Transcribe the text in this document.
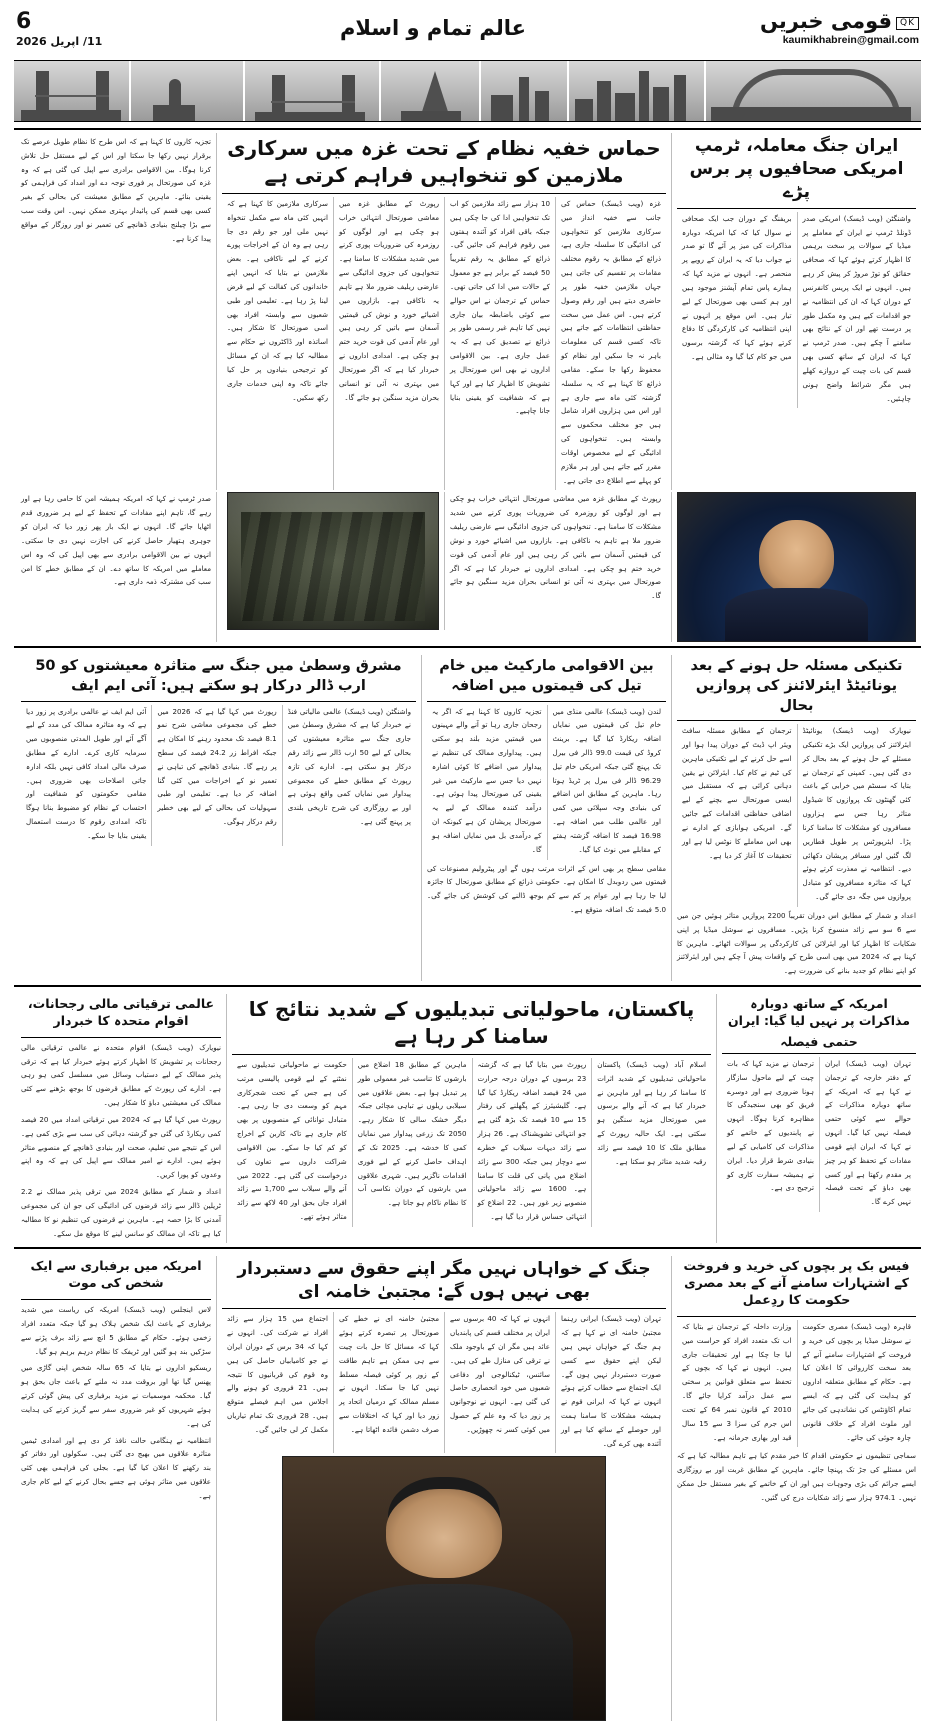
QKقومی خبریں
kaumikhabrein@gmail.com
عالم تمام و اسلام
6
11/ اپریل 2026
ایران جنگ معاملہ، ٹرمپ امریکی صحافیوں پر برس پڑے

واشنگٹن (ویب ڈیسک) امریکی صدر ڈونلڈ ٹرمپ نے ایران کے معاملے پر میڈیا کے سوالات پر سخت برہمی کا اظہار کرتے ہوئے کہا کہ صحافی حقائق کو توڑ مروڑ کر پیش کر رہے ہیں۔ انہوں نے ایک پریس کانفرنس کے دوران کہا کہ ان کی انتظامیہ نے جو اقدامات کیے ہیں وہ مکمل طور پر درست تھے اور ان کے نتائج بھی سامنے آ چکے ہیں۔ صدر ٹرمپ نے کہا کہ ایران کے ساتھ کسی بھی قسم کی بات چیت کے دروازے کھلے ہیں مگر شرائط واضح ہونی چاہئیں۔

بریفنگ کے دوران جب ایک صحافی نے سوال کیا کہ کیا امریکہ دوبارہ مذاکرات کی میز پر آئے گا تو صدر نے جواب دیا کہ یہ ایران کے رویے پر منحصر ہے۔ انہوں نے مزید کہا کہ ہمارے پاس تمام آپشنز موجود ہیں اور ہم کسی بھی صورتحال کے لیے تیار ہیں۔ اس موقع پر انہوں نے اپنی انتظامیہ کی کارکردگی کا دفاع کرتے ہوئے کہا کہ گزشتہ برسوں میں جو کام کیا گیا وہ مثالی ہے۔

حماس خفیہ نظام کے تحت غزہ میں سرکاری ملازمین کو تنخواہیں فراہم کرتی ہے

غزہ (ویب ڈیسک) حماس کی جانب سے خفیہ انداز میں سرکاری ملازمین کو تنخواہوں کی ادائیگی کا سلسلہ جاری ہے، ذرائع کے مطابق یہ رقوم مختلف مقامات پر تقسیم کی جاتی ہیں جہاں ملازمین خفیہ طور پر حاضری دیتے ہیں اور رقم وصول کرتے ہیں۔ اس عمل میں سخت حفاظتی انتظامات کیے جاتے ہیں تاکہ کسی قسم کی معلومات باہر نہ جا سکیں اور نظام کو محفوظ رکھا جا سکے۔ مقامی ذرائع کا کہنا ہے کہ یہ سلسلہ گزشتہ کئی ماہ سے جاری ہے اور اس میں ہزاروں افراد شامل ہیں جو مختلف محکموں سے وابستہ ہیں۔ تنخواہوں کی ادائیگی کے لیے مخصوص اوقات مقرر کیے جاتے ہیں اور ہر ملازم کو پہلے سے اطلاع دی جاتی ہے۔

10 ہزار سے زائد ملازمین کو اب تک تنخواہیں ادا کی جا چکی ہیں جبکہ باقی افراد کو آئندہ ہفتوں میں رقوم فراہم کی جائیں گی۔ ذرائع کے مطابق یہ رقم تقریباً 50 فیصد کے برابر ہے جو معمول کے حالات میں ادا کی جاتی تھی۔ حماس کے ترجمان نے اس حوالے سے کوئی باضابطہ بیان جاری نہیں کیا تاہم غیر رسمی طور پر ذرائع نے تصدیق کی ہے کہ یہ عمل جاری ہے۔ بین الاقوامی اداروں نے بھی اس صورتحال پر تشویش کا اظہار کیا ہے اور کہا ہے کہ شفافیت کو یقینی بنایا جانا چاہیے۔

رپورٹ کے مطابق غزہ میں معاشی صورتحال انتہائی خراب ہو چکی ہے اور لوگوں کو روزمرہ کی ضروریات پوری کرنے میں شدید مشکلات کا سامنا ہے۔ تنخواہوں کی جزوی ادائیگی سے عارضی ریلیف ضرور ملا ہے تاہم یہ ناکافی ہے۔ بازاروں میں اشیائے خورد و نوش کی قیمتیں آسمان سے باتیں کر رہی ہیں اور عام آدمی کی قوت خرید ختم ہو چکی ہے۔ امدادی اداروں نے خبردار کیا ہے کہ اگر صورتحال میں بہتری نہ آئی تو انسانی بحران مزید سنگین ہو جائے گا۔

سرکاری ملازمین کا کہنا ہے کہ انہیں کئی ماہ سے مکمل تنخواہ نہیں ملی اور جو رقم دی جا رہی ہے وہ ان کے اخراجات پورے کرنے کے لیے ناکافی ہے۔ بعض ملازمین نے بتایا کہ انہیں اپنے خاندانوں کی کفالت کے لیے قرض لینا پڑ رہا ہے۔ تعلیمی اور طبی شعبوں سے وابستہ افراد بھی اسی صورتحال کا شکار ہیں۔ اساتذہ اور ڈاکٹروں نے حکام سے مطالبہ کیا ہے کہ ان کے مسائل کو ترجیحی بنیادوں پر حل کیا جائے تاکہ وہ اپنی خدمات جاری رکھ سکیں۔

تجزیہ کاروں کا کہنا ہے کہ اس طرح کا نظام طویل عرصے تک برقرار نہیں رکھا جا سکتا اور اس کے لیے مستقل حل تلاش کرنا ہوگا۔ بین الاقوامی برادری سے اپیل کی گئی ہے کہ وہ غزہ کی صورتحال پر فوری توجہ دے اور امداد کی فراہمی کو یقینی بنائے۔ ماہرین کے مطابق معیشت کی بحالی کے بغیر کسی بھی قسم کی پائیدار بہتری ممکن نہیں۔ اس وقت سب سے بڑا چیلنج بنیادی ڈھانچے کی تعمیر نو اور روزگار کے مواقع پیدا کرنا ہے۔

رپورٹ کے مطابق غزہ میں معاشی صورتحال انتہائی خراب ہو چکی ہے اور لوگوں کو روزمرہ کی ضروریات پوری کرنے میں شدید مشکلات کا سامنا ہے۔ تنخواہوں کی جزوی ادائیگی سے عارضی ریلیف ضرور ملا ہے تاہم یہ ناکافی ہے۔ بازاروں میں اشیائے خورد و نوش کی قیمتیں آسمان سے باتیں کر رہی ہیں اور عام آدمی کی قوت خرید ختم ہو چکی ہے۔ امدادی اداروں نے خبردار کیا ہے کہ اگر صورتحال میں بہتری نہ آئی تو انسانی بحران مزید سنگین ہو جائے گا۔

صدر ٹرمپ نے کہا کہ امریکہ ہمیشہ امن کا حامی رہا ہے اور رہے گا، تاہم اپنے مفادات کے تحفظ کے لیے ہر ضروری قدم اٹھایا جائے گا۔ انہوں نے ایک بار پھر زور دیا کہ ایران کو جوہری ہتھیار حاصل کرنے کی اجازت نہیں دی جا سکتی۔ انہوں نے بین الاقوامی برادری سے بھی اپیل کی کہ وہ اس معاملے میں امریکہ کا ساتھ دے۔ ان کے مطابق خطے کا امن سب کی مشترکہ ذمہ داری ہے۔

تکنیکی مسئلہ حل ہونے کے بعد یونائیٹڈ ایئرلائنز کی پروازیں بحال

نیویارک (ویب ڈیسک) یونائیٹڈ ایئرلائنز کی پروازیں ایک بڑے تکنیکی مسئلے کے حل ہونے کے بعد بحال کر دی گئی ہیں۔ کمپنی کے ترجمان نے بتایا کہ سسٹم میں خرابی کے باعث کئی گھنٹوں تک پروازوں کا شیڈول متاثر رہا جس سے ہزاروں مسافروں کو مشکلات کا سامنا کرنا پڑا۔ ایئرپورٹس پر طویل قطاریں لگ گئیں اور مسافر پریشان دکھائی دیے۔ انتظامیہ نے معذرت کرتے ہوئے کہا کہ متاثرہ مسافروں کو متبادل پروازوں میں جگہ دی جائے گی۔

ترجمان کے مطابق مسئلہ سافٹ ویئر اپ ڈیٹ کے دوران پیدا ہوا اور اسے حل کرنے کے لیے تکنیکی ماہرین کی ٹیم نے کام کیا۔ ایئرلائن نے یقین دہانی کرائی ہے کہ مستقبل میں ایسی صورتحال سے بچنے کے لیے اضافی حفاظتی اقدامات کیے جائیں گے۔ امریکی ہوابازی کے ادارے نے بھی اس معاملے کا نوٹس لیا ہے اور تحقیقات کا آغاز کر دیا ہے۔

اعداد و شمار کے مطابق اس دوران تقریباً 2200 پروازیں متاثر ہوئیں جن میں سے 6 سو سے زائد منسوخ کرنا پڑیں۔ مسافروں نے سوشل میڈیا پر اپنی شکایات کا اظہار کیا اور ایئرلائن کی کارکردگی پر سوالات اٹھائے۔ ماہرین کا کہنا ہے کہ 2024 میں بھی اسی طرح کے واقعات پیش آ چکے ہیں اور ایئرلائنز کو اپنے نظام کو جدید بنانے کی ضرورت ہے۔

بین الاقوامی مارکیٹ میں خام تیل کی قیمتوں میں اضافہ

لندن (ویب ڈیسک) عالمی منڈی میں خام تیل کی قیمتوں میں نمایاں اضافہ ریکارڈ کیا گیا ہے۔ برینٹ کروڈ کی قیمت 99.0 ڈالر فی بیرل تک پہنچ گئی جبکہ امریکی خام تیل 96.29 ڈالر فی بیرل پر ٹریڈ ہوتا رہا۔ ماہرین کے مطابق اس اضافے کی بنیادی وجہ سپلائی میں کمی اور عالمی طلب میں اضافہ ہے۔ 16.98 فیصد کا اضافہ گزشتہ ہفتے کے مقابلے میں نوٹ کیا گیا۔

تجزیہ کاروں کا کہنا ہے کہ اگر یہ رجحان جاری رہا تو آنے والے مہینوں میں قیمتیں مزید بلند ہو سکتی ہیں۔ پیداواری ممالک کی تنظیم نے پیداوار میں اضافے کا کوئی اشارہ نہیں دیا جس سے مارکیٹ میں غیر یقینی کی صورتحال پیدا ہوئی ہے۔ درآمد کنندہ ممالک کے لیے یہ صورتحال پریشان کن ہے کیونکہ ان کے درآمدی بل میں نمایاں اضافہ ہو گا۔

مقامی سطح پر بھی اس کے اثرات مرتب ہوں گے اور پیٹرولیم مصنوعات کی قیمتوں میں ردوبدل کا امکان ہے۔ حکومتی ذرائع کے مطابق صورتحال کا جائزہ لیا جا رہا ہے اور عوام پر کم سے کم بوجھ ڈالنے کی کوشش کی جائے گی۔ 5.0 فیصد تک اضافہ متوقع ہے۔

مشرق وسطیٰ میں جنگ سے متاثرہ معیشتوں کو 50 ارب ڈالر درکار ہو سکتے ہیں: آئی ایم ایف

واشنگٹن (ویب ڈیسک) عالمی مالیاتی فنڈ نے خبردار کیا ہے کہ مشرق وسطیٰ میں جاری جنگ سے متاثرہ معیشتوں کی بحالی کے لیے 50 ارب ڈالر سے زائد رقم درکار ہو سکتی ہے۔ ادارے کی تازہ رپورٹ کے مطابق خطے کی مجموعی پیداوار میں نمایاں کمی واقع ہوئی ہے اور بے روزگاری کی شرح تاریخی بلندی پر پہنچ گئی ہے۔

رپورٹ میں کہا گیا ہے کہ 2026 میں خطے کی مجموعی معاشی شرح نمو 8.1 فیصد تک محدود رہنے کا امکان ہے جبکہ افراط زر 24.2 فیصد کی سطح پر رہے گا۔ بنیادی ڈھانچے کی تباہی نے تعمیر نو کے اخراجات میں کئی گنا اضافہ کر دیا ہے۔ تعلیمی اور طبی سہولیات کی بحالی کے لیے بھی خطیر رقم درکار ہوگی۔

آئی ایم ایف نے عالمی برادری پر زور دیا ہے کہ وہ متاثرہ ممالک کی مدد کے لیے آگے آئے اور طویل المدتی منصوبوں میں سرمایہ کاری کرے۔ ادارے کے مطابق صرف مالی امداد کافی نہیں بلکہ ادارہ جاتی اصلاحات بھی ضروری ہیں۔ مقامی حکومتوں کو شفافیت اور احتساب کے نظام کو مضبوط بنانا ہوگا تاکہ امدادی رقوم کا درست استعمال یقینی بنایا جا سکے۔

امریکہ کے ساتھ دوبارہ مذاکرات پر نہیں لیا گیا: ایران
حتمی فیصلہ

تہران (ویب ڈیسک) ایران کے دفتر خارجہ کے ترجمان نے کہا ہے کہ امریکہ کے ساتھ دوبارہ مذاکرات کے حوالے سے کوئی حتمی فیصلہ نہیں کیا گیا۔ انہوں نے کہا کہ ایران اپنے قومی مفادات کے تحفظ کو ہر چیز پر مقدم رکھتا ہے اور کسی بھی دباؤ کے تحت فیصلہ نہیں کرے گا۔

ترجمان نے مزید کہا کہ بات چیت کے لیے ماحول سازگار ہونا ضروری ہے اور دوسرے فریق کو بھی سنجیدگی کا مظاہرہ کرنا ہوگا۔ انہوں نے پابندیوں کے خاتمے کو مذاکرات کی کامیابی کے لیے بنیادی شرط قرار دیا۔ ایران نے ہمیشہ سفارت کاری کو ترجیح دی ہے۔

پاکستان، ماحولیاتی تبدیلیوں کے شدید نتائج کا سامنا کر رہا ہے

اسلام آباد (ویب ڈیسک) پاکستان ماحولیاتی تبدیلیوں کے شدید اثرات کا سامنا کر رہا ہے اور ماہرین نے خبردار کیا ہے کہ آنے والے برسوں میں صورتحال مزید سنگین ہو سکتی ہے۔ ایک حالیہ رپورٹ کے مطابق ملک کا 10 فیصد سے زائد رقبہ شدید متاثر ہو سکتا ہے۔

رپورٹ میں بتایا گیا ہے کہ گزشتہ 23 برسوں کے دوران درجہ حرارت میں 24 فیصد اضافہ ریکارڈ کیا گیا ہے۔ گلیشیئرز کے پگھلنے کی رفتار 15 سے 10 فیصد تک بڑھ گئی ہے جو انتہائی تشویشناک ہے۔ 26 ہزار سے زائد دیہات سیلاب کے خطرے سے دوچار ہیں جبکہ 300 سے زائد اضلاع میں پانی کی قلت کا سامنا ہے۔ 1600 سے زائد ماحولیاتی منصوبے زیر غور ہیں۔ 22 اضلاع کو انتہائی حساس قرار دیا گیا ہے۔

ماہرین کے مطابق 18 اضلاع میں بارشوں کا تناسب غیر معمولی طور پر تبدیل ہوا ہے۔ بعض علاقوں میں سیلابی ریلوں نے تباہی مچائی جبکہ دیگر خشک سالی کا شکار رہے۔ 2050 تک زرعی پیداوار میں نمایاں کمی کا خدشہ ہے۔ 2025 تک کے اہداف حاصل کرنے کے لیے فوری اقدامات ناگزیر ہیں۔ شہری علاقوں میں بارشوں کے دوران نکاسی آب کا نظام ناکام ہو جاتا ہے۔

حکومت نے ماحولیاتی تبدیلیوں سے نمٹنے کے لیے قومی پالیسی مرتب کی ہے جس کے تحت شجرکاری مہم کو وسعت دی جا رہی ہے۔ متبادل توانائی کے منصوبوں پر بھی کام جاری ہے تاکہ کاربن کے اخراج کو کم کیا جا سکے۔ بین الاقوامی شراکت داروں سے تعاون کی درخواست کی گئی ہے۔ 2022 میں آنے والے سیلاب سے 1,700 سے زائد افراد جاں بحق اور 40 لاکھ سے زائد متاثر ہوئے تھے۔

عالمی ترقیاتی مالی رجحانات، اقوام متحدہ کا خبردار

نیویارک (ویب ڈیسک) اقوام متحدہ نے عالمی ترقیاتی مالی رجحانات پر تشویش کا اظہار کرتے ہوئے خبردار کیا ہے کہ ترقی پذیر ممالک کے لیے دستیاب وسائل میں مسلسل کمی ہو رہی ہے۔ ادارے کی رپورٹ کے مطابق قرضوں کا بوجھ بڑھنے سے کئی ممالک کی معیشتیں دباؤ کا شکار ہیں۔

رپورٹ میں کہا گیا ہے کہ 2024 میں ترقیاتی امداد میں 20 فیصد کمی ریکارڈ کی گئی جو گزشتہ دہائی کی سب سے بڑی کمی ہے۔ اس کے نتیجے میں تعلیم، صحت اور بنیادی ڈھانچے کے منصوبے متاثر ہوئے ہیں۔ ادارے نے امیر ممالک سے اپیل کی ہے کہ وہ اپنے وعدوں کو پورا کریں۔

اعداد و شمار کے مطابق 2024 میں ترقی پذیر ممالک نے 2.2 ٹریلین ڈالر سے زائد قرضوں کی ادائیگی کی جو ان کی مجموعی آمدنی کا بڑا حصہ ہے۔ ماہرین نے قرضوں کی تنظیم نو کا مطالبہ کیا ہے تاکہ ان ممالک کو سانس لینے کا موقع مل سکے۔

فیس بک پر بچوں کی خرید و فروخت کے اشتہارات سامنے آنے کے بعد مصری حکومت کا ردِعمل

قاہرہ (ویب ڈیسک) مصری حکومت نے سوشل میڈیا پر بچوں کی خرید و فروخت کے اشتہارات سامنے آنے کے بعد سخت کارروائی کا اعلان کیا ہے۔ حکام کے مطابق متعلقہ اداروں کو ہدایت کی گئی ہے کہ ایسے تمام اکاؤنٹس کی نشاندہی کی جائے اور ملوث افراد کے خلاف قانونی چارہ جوئی کی جائے۔

وزارت داخلہ کے ترجمان نے بتایا کہ اب تک متعدد افراد کو حراست میں لیا جا چکا ہے اور تحقیقات جاری ہیں۔ انہوں نے کہا کہ بچوں کے تحفظ سے متعلق قوانین پر سختی سے عمل درآمد کرایا جائے گا۔ 2010 کے قانون نمبر 64 کے تحت اس جرم کی سزا 3 سے 15 سال قید اور بھاری جرمانہ ہے۔

سماجی تنظیموں نے حکومتی اقدام کا خیر مقدم کیا ہے تاہم مطالبہ کیا ہے کہ اس مسئلے کی جڑ تک پہنچا جائے۔ ماہرین کے مطابق غربت اور بے روزگاری ایسے جرائم کی بڑی وجوہات ہیں اور ان کے خاتمے کے بغیر مستقل حل ممکن نہیں۔ 974.1 ہزار سے زائد شکایات درج کی گئیں۔

جنگ کے خواہاں نہیں مگر اپنے حقوق سے دستبردار بھی نہیں ہوں گے: مجتبیٰ خامنہ ای

تہران (ویب ڈیسک) ایرانی رہنما مجتبیٰ خامنہ ای نے کہا ہے کہ ہم جنگ کے خواہاں نہیں ہیں لیکن اپنے حقوق سے کسی صورت دستبردار نہیں ہوں گے۔ ایک اجتماع سے خطاب کرتے ہوئے انہوں نے کہا کہ ایرانی قوم نے ہمیشہ مشکلات کا سامنا ہمت اور حوصلے کے ساتھ کیا ہے اور آئندہ بھی کرے گی۔

انہوں نے کہا کہ 40 برسوں سے ایران پر مختلف قسم کی پابندیاں عائد ہیں مگر ان کے باوجود ملک نے ترقی کی منازل طے کی ہیں۔ سائنس، ٹیکنالوجی اور دفاعی شعبوں میں خود انحصاری حاصل کی گئی ہے۔ انہوں نے نوجوانوں پر زور دیا کہ وہ علم کے حصول میں کوئی کسر نہ چھوڑیں۔

مجتبیٰ خامنہ ای نے خطے کی صورتحال پر تبصرہ کرتے ہوئے کہا کہ مسائل کا حل بات چیت سے ہی ممکن ہے تاہم طاقت کے زور پر کوئی فیصلہ مسلط نہیں کیا جا سکتا۔ انہوں نے مسلم ممالک کے درمیان اتحاد پر زور دیا اور کہا کہ اختلافات سے صرف دشمن فائدہ اٹھاتا ہے۔

اجتماع میں 15 ہزار سے زائد افراد نے شرکت کی۔ انہوں نے کہا کہ 34 برس کے دوران ایران نے جو کامیابیاں حاصل کی ہیں وہ قوم کی قربانیوں کا نتیجہ ہیں۔ 21 فروری کو ہونے والے اجلاس میں اہم فیصلے متوقع ہیں۔ 28 فروری تک تمام تیاریاں مکمل کر لی جائیں گی۔

امریکہ میں برفباری سے ایک شخص کی موت

لاس اینجلس (ویب ڈیسک) امریکہ کی ریاست میں شدید برفباری کے باعث ایک شخص ہلاک ہو گیا جبکہ متعدد افراد زخمی ہوئے۔ حکام کے مطابق 5 انچ سے زائد برف پڑنے سے سڑکیں بند ہو گئیں اور ٹریفک کا نظام درہم برہم ہو گیا۔

ریسکیو اداروں نے بتایا کہ 65 سالہ شخص اپنی گاڑی میں پھنس گیا تھا اور بروقت مدد نہ ملنے کے باعث جاں بحق ہو گیا۔ محکمہ موسمیات نے مزید برفباری کی پیش گوئی کرتے ہوئے شہریوں کو غیر ضروری سفر سے گریز کرنے کی ہدایت کی ہے۔

انتظامیہ نے ہنگامی حالت نافذ کر دی ہے اور امدادی ٹیمیں متاثرہ علاقوں میں بھیج دی گئی ہیں۔ سکولوں اور دفاتر کو بند رکھنے کا اعلان کیا گیا ہے۔ بجلی کی فراہمی بھی کئی علاقوں میں متاثر ہوئی ہے جسے بحال کرنے کے لیے کام جاری ہے۔
